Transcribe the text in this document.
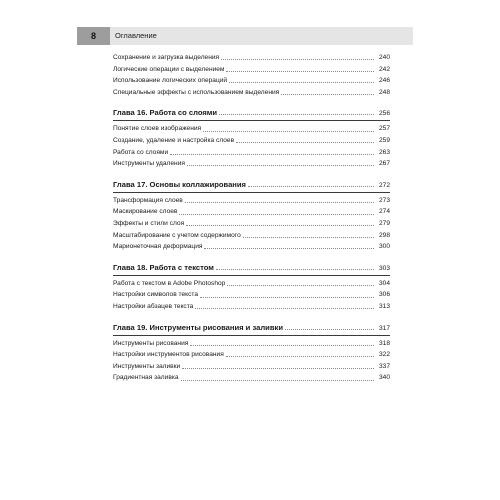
8	Оглавление
Сохранение и загрузка выделения	240
Логические операции с выделением	242
Использование логических операций	246
Специальные эффекты с использованием выделения	248
Глава 16. Работа со слоями	256
Понятие слоев изображения	257
Создание, удаление и настройка слоев	259
Работа со слоями	263
Инструменты удаления	267
Глава 17. Основы коллажирования	272
Трансформация слоев	273
Маскирование слоев	274
Эффекты и стили слоя	279
Масштабирование с учетом содержимого	298
Марионеточная деформация	300
Глава 18. Работа с текстом	303
Работа с текстом в Adobe Photoshop	304
Настройки символов текста	306
Настройки абзацев текста	313
Глава 19. Инструменты рисования и заливки	317
Инструменты рисования	318
Настройки инструментов рисования	322
Инструменты заливки	337
Градиентная заливка	340
